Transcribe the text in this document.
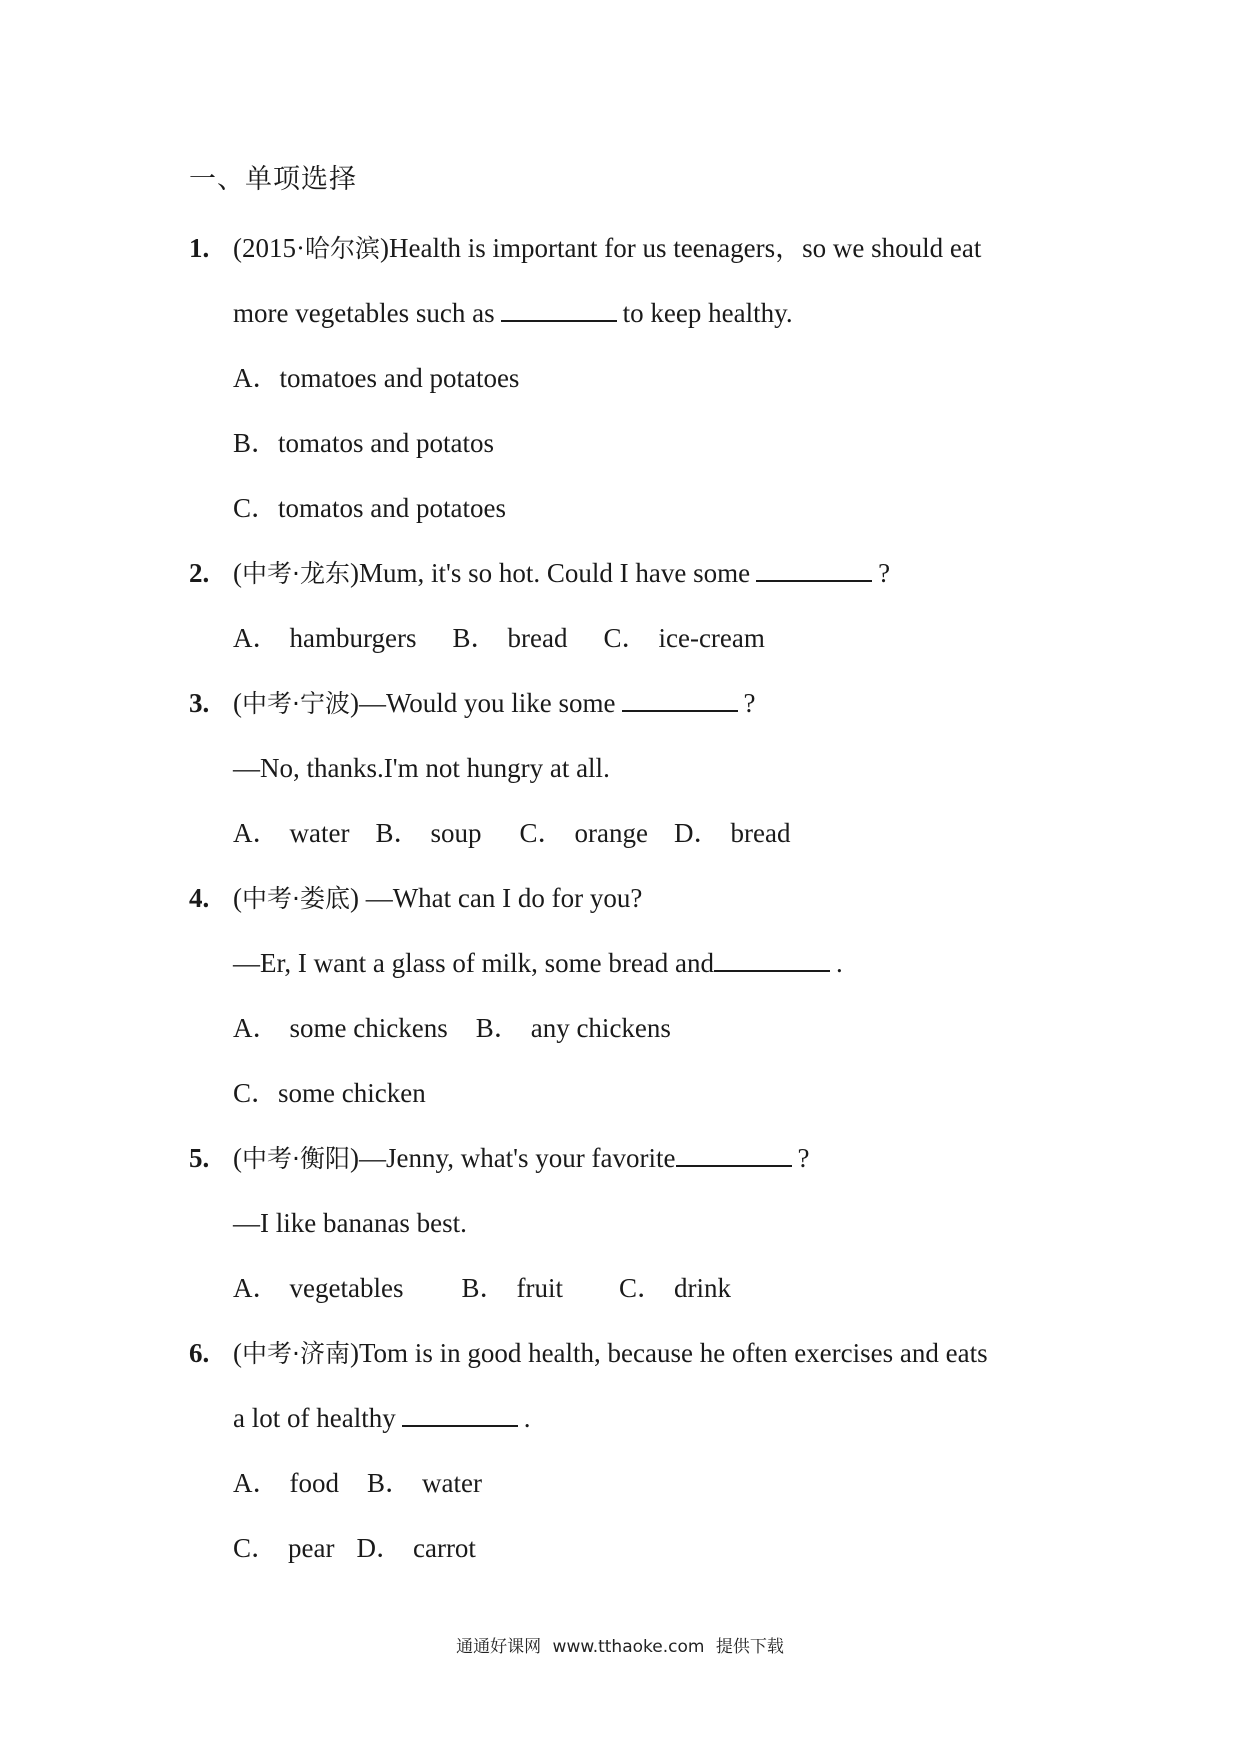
一、单项选择
1. (2015·哈尔滨)Health is important for us teenagers，so we should eat
more vegetables such as	to keep healthy.
A．tomatoes and potatoes
B．tomatos and potatos
C．tomatos and potatoes
2. (中考·龙东)Mum, it's so hot. Could I have some	?
A． hamburgers B． bread C． ice-cream
3. (中考·宁波)—Would you like some	?
—No, thanks.I'm not hungry at all.
A． water B． soup C． orange D． bread
4. (中考·娄底) —What can I do for you?
—Er, I want a glass of milk, some bread and	.
A． some chickens B． any chickens
C．some chicken
5. (中考·衡阳)—Jenny, what's your favorite	?
—I like bananas best.
A． vegetables B． fruit C． drink
6. (中考·济南)Tom is in good health, because he often exercises and eats
a lot of healthy	.
A． food B． water
C． pear D． carrot
通通好课网 www.tthaoke.com 提供下载
